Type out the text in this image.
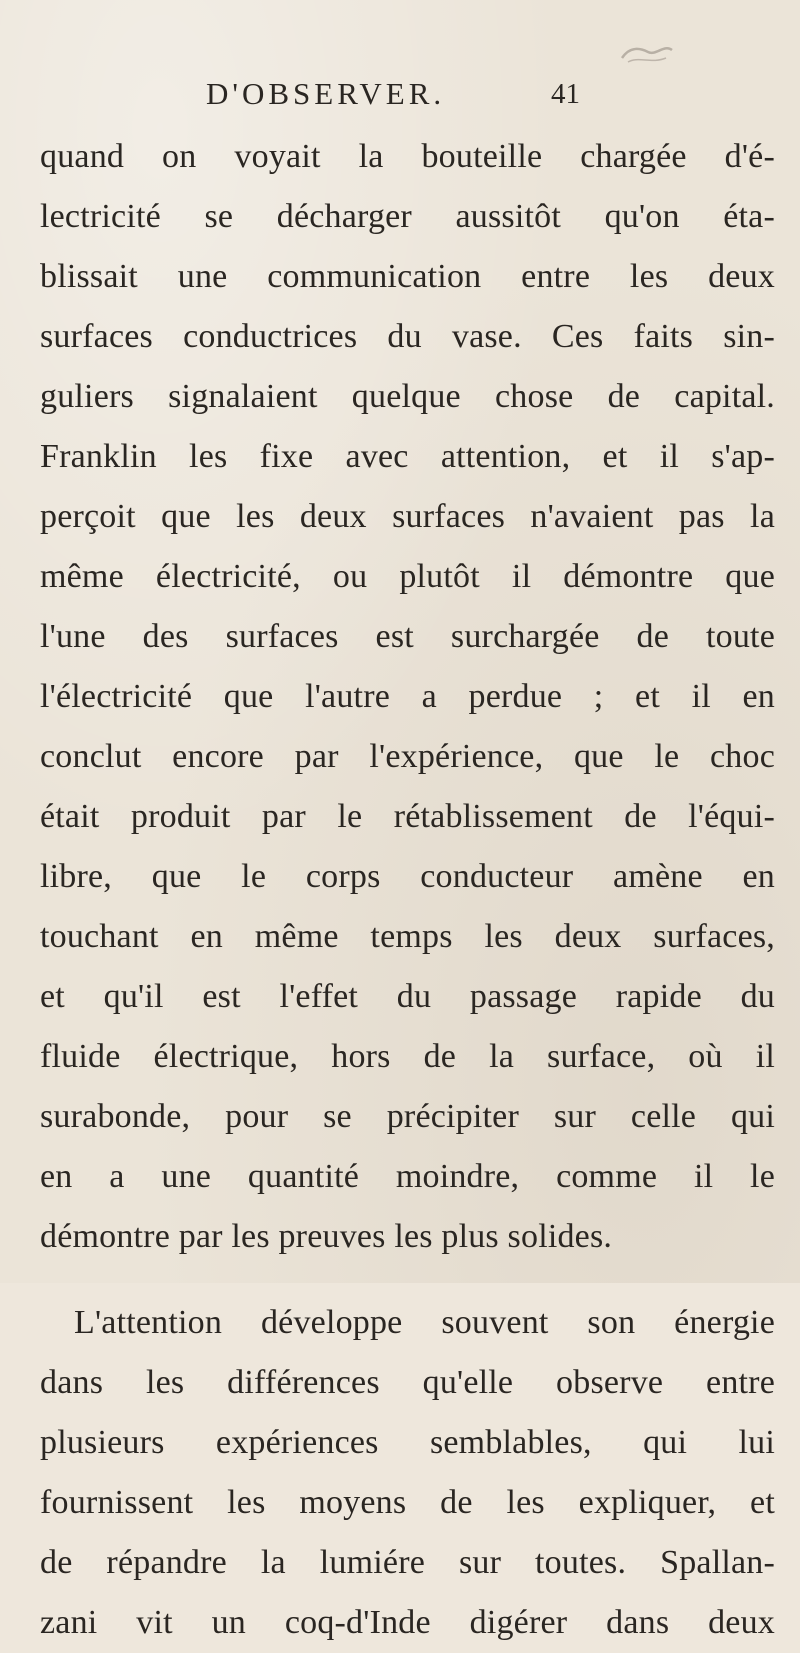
D'OBSERVER.	41
quand on voyait la bouteille chargée d'é-
lectricité se décharger aussitôt qu'on éta-
blissait une communication entre les deux
surfaces conductrices du vase. Ces faits sin-
guliers signalaient quelque chose de capital.
Franklin les fixe avec attention, et il s'ap-
perçoit que les deux surfaces n'avaient pas la
même électricité, ou plutôt il démontre que
l'une des surfaces est surchargée de toute
l'électricité que l'autre a perdue ; et il en
conclut encore par l'expérience, que le choc
était produit par le rétablissement de l'équi-
libre, que le corps conducteur amène en
touchant en même temps les deux surfaces,
et qu'il est l'effet du passage rapide du
fluide électrique, hors de la surface, où il
surabonde, pour se précipiter sur celle qui
en a une quantité moindre, comme il le
démontre par les preuves les plus solides.
L'attention développe souvent son énergie
dans les différences qu'elle observe entre
plusieurs expériences semblables, qui lui
fournissent les moyens de les expliquer, et
de répandre la lumiére sur toutes. Spallan-
zani vit un coq-d'Inde digérer dans deux
